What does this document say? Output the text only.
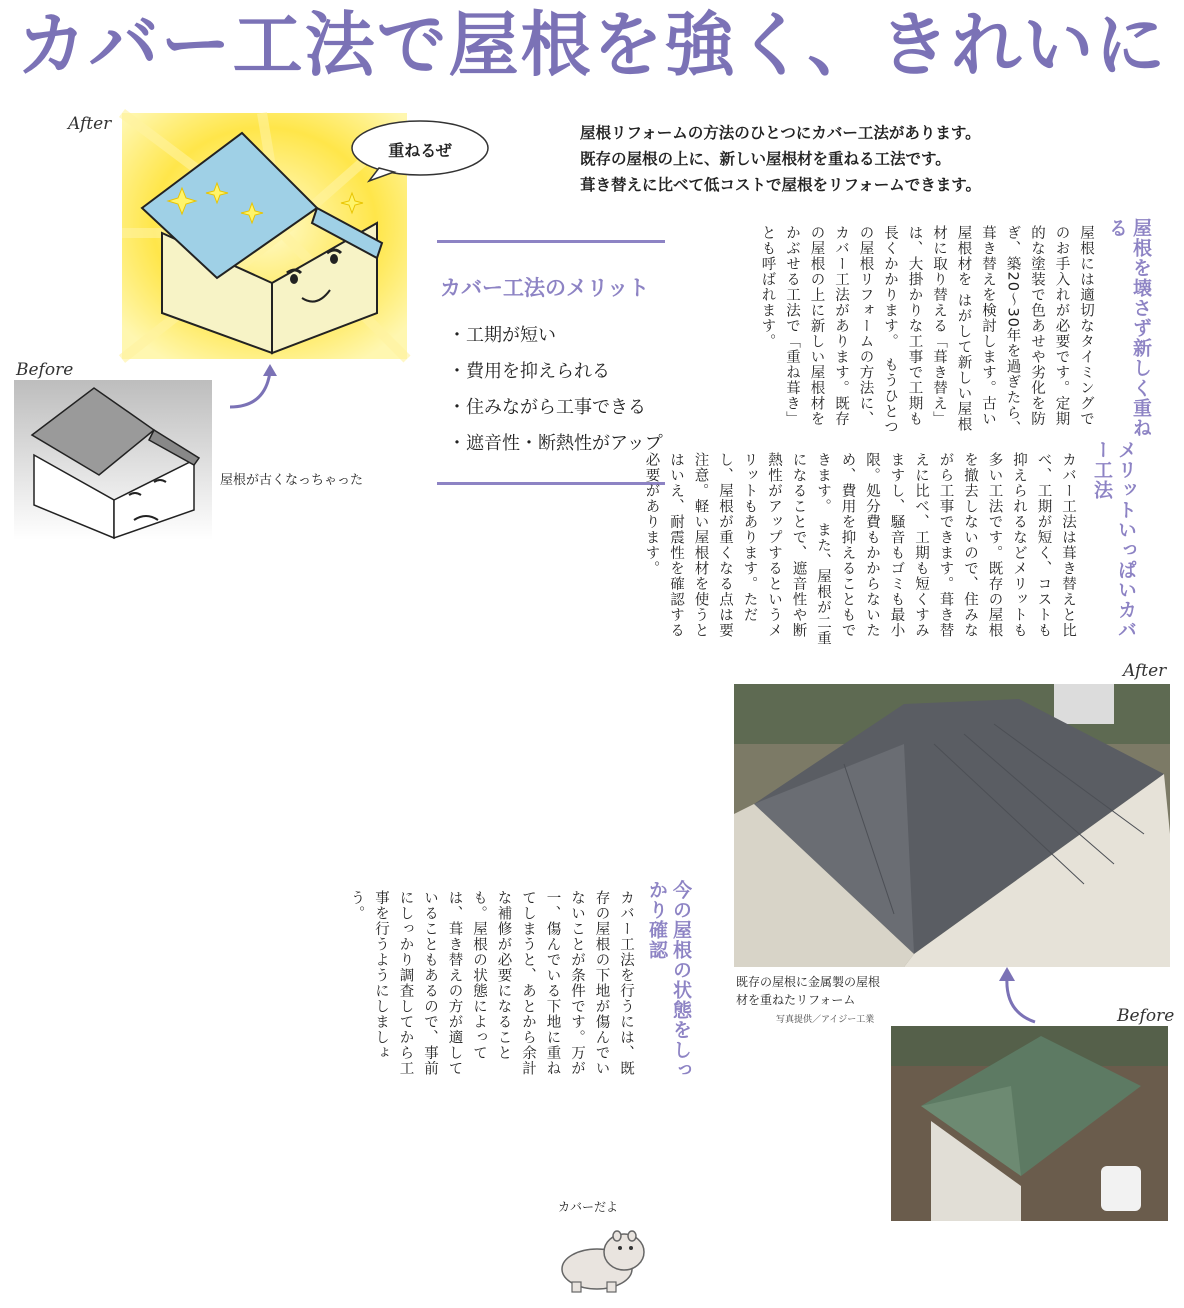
カバー工法で屋根を強く、きれいに
After
重ねるぜ
Before
屋根が古くなっちゃった
屋根リフォームの方法のひとつにカバー工法があります。
既存の屋根の上に、新しい屋根材を重ねる工法です。
葺き替えに比べて低コストで屋根をリフォームできます。
カバー工法のメリット
・工期が短い
・費用を抑えられる
・住みながら工事できる
・遮音性・断熱性がアップ
屋根を壊さず新しく重ねる
屋根には適切なタイミングでのお手入れが必要です。定期的な塗装で色あせや劣化を防ぎ、築20〜30年を過ぎたら、葺き替えを検討します。古い屋根材を はがして新しい屋根材に取り替える「葺き替え」は、大掛かりな工事で工期も長くかかります。　もうひとつの屋根リフォームの方法に、カバー工法があります。既存の屋根の上に新しい屋根材をかぶせる工法で「重ね葺き」とも呼ばれます。
メリットいっぱいカバー工法
カバー工法は葺き替えと比べ、工期が短く、コストも抑えられるなどメリットも多い工法です。既存の屋根を撤去しないので、住みながら工事できます。葺き替えに比べ、工期も短くすみますし、騒音もゴミも最小限。処分費もかからないため、費用を抑えることもできます。　また、屋根が二重になることで、遮音性や断熱性がアップするというメリットもあります。ただし、屋根が重くなる点は要注意。軽い屋根材を使うとはいえ、耐震性を確認する必要があります。
今の屋根の状態をしっかり確認
カバー工法を行うには、既存の屋根の下地が傷んでいないことが条件です。万が一、傷んでいる下地に重ねてしまうと、あとから余計な補修が必要になることも。屋根の状態によっては、葺き替えの方が適していることもあるので、事前にしっかり調査してから工事を行うようにしましょう。
After
既存の屋根に金属製の屋根材を重ねたリフォーム
写真提供／アイジー工業	Before
カバーだよ
